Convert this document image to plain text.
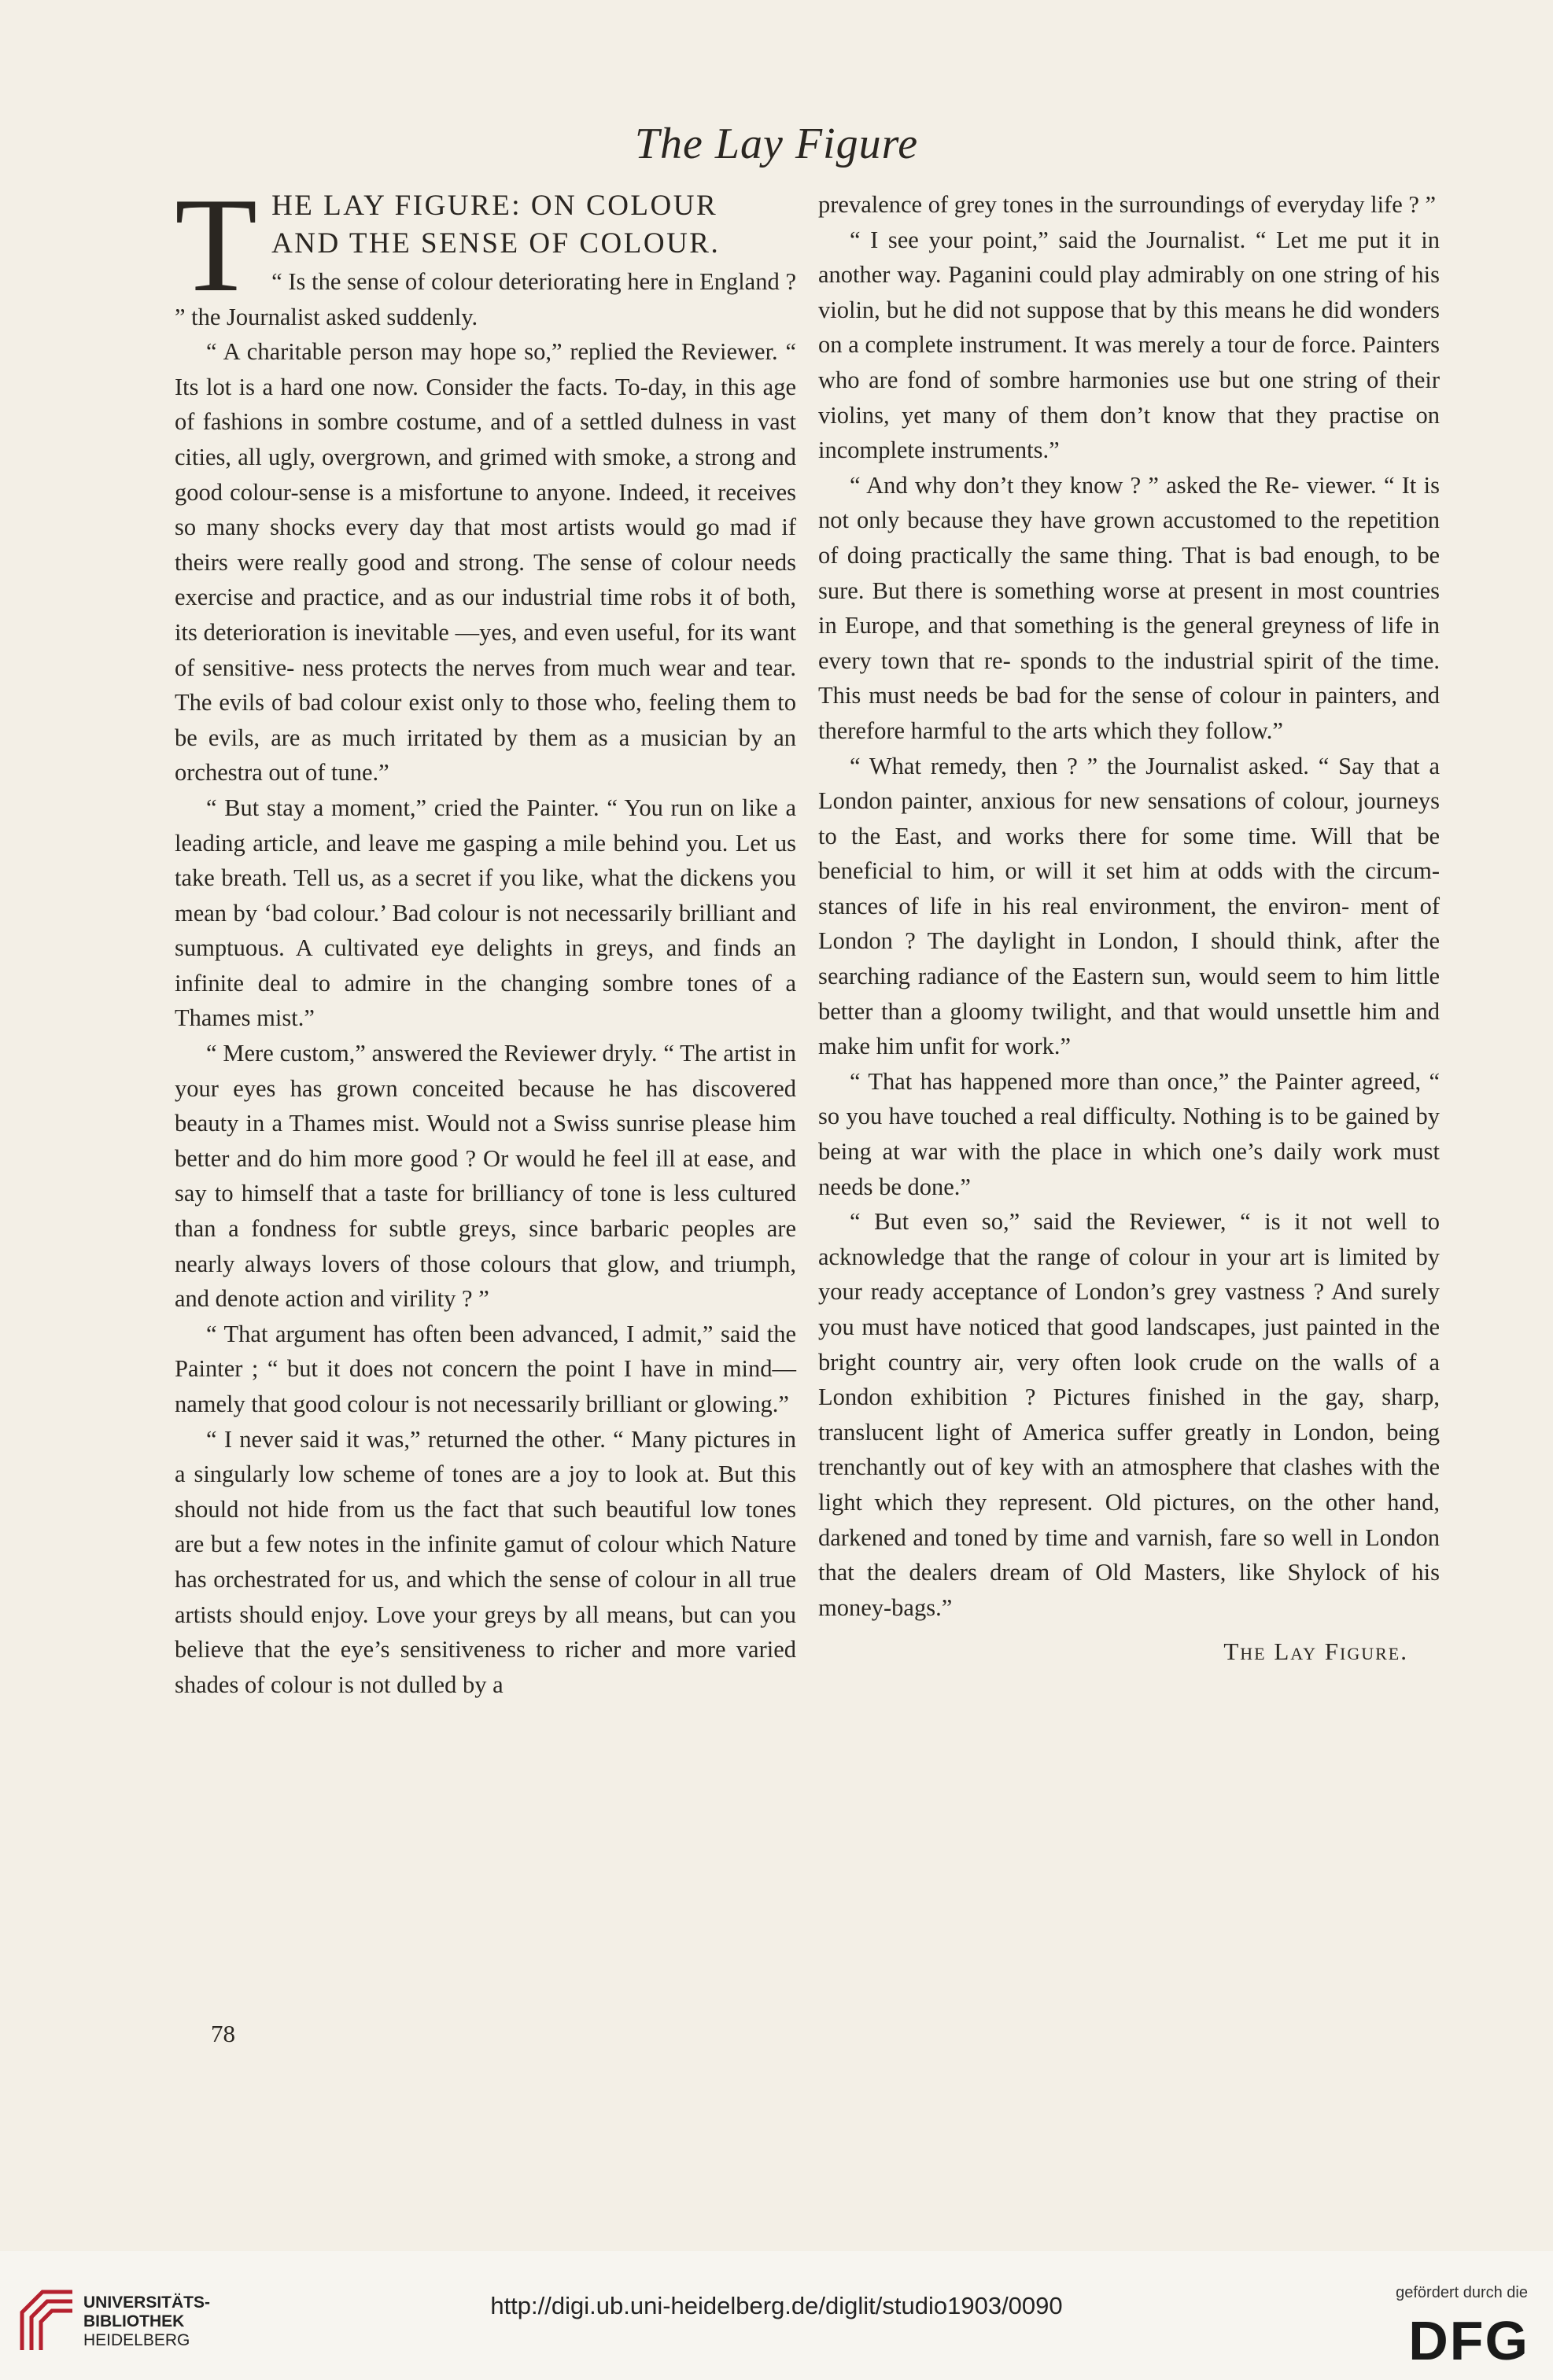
The Lay Figure
T HE LAY FIGURE: ON COLOUR
AND THE SENSE OF COLOUR.

“ Is the sense of colour deteriorating here in England ? ” the Journalist asked suddenly.

“ A charitable person may hope so,” replied the Reviewer. “ Its lot is a hard one now. Consider the facts. To-day, in this age of fashions in sombre costume, and of a settled dulness in vast cities, all ugly, overgrown, and grimed with smoke, a strong and good colour-sense is a misfortune to anyone. Indeed, it receives so many shocks every day that most artists would go mad if theirs were really good and strong. The sense of colour needs exercise and practice, and as our industrial time robs it of both, its deterioration is inevitable —yes, and even useful, for its want of sensitive- ness protects the nerves from much wear and tear. The evils of bad colour exist only to those who, feeling them to be evils, are as much irritated by them as a musician by an orchestra out of tune.”

“ But stay a moment,” cried the Painter. “ You run on like a leading article, and leave me gasping a mile behind you. Let us take breath. Tell us, as a secret if you like, what the dickens you mean by ‘bad colour.’ Bad colour is not necessarily brilliant and sumptuous. A cultivated eye delights in greys, and finds an infinite deal to admire in the changing sombre tones of a Thames mist.”

“ Mere custom,” answered the Reviewer dryly. “ The artist in your eyes has grown conceited because he has discovered beauty in a Thames mist. Would not a Swiss sunrise please him better and do him more good ? Or would he feel ill at ease, and say to himself that a taste for brilliancy of tone is less cultured than a fondness for subtle greys, since barbaric peoples are nearly always lovers of those colours that glow, and triumph, and denote action and virility ? ”

“ That argument has often been advanced, I admit,” said the Painter ; “ but it does not concern the point I have in mind—namely that good colour is not necessarily brilliant or glowing.”

“ I never said it was,” returned the other. “ Many pictures in a singularly low scheme of tones are a joy to look at. But this should not hide from us the fact that such beautiful low tones are but a few notes in the infinite gamut of colour which Nature has orchestrated for us, and which the sense of colour in all true artists should enjoy. Love your greys by all means, but can you believe that the eye’s sensitiveness to richer and more varied shades of colour is not dulled by a

prevalence of grey tones in the surroundings of everyday life ? ”

“ I see your point,” said the Journalist. “ Let me put it in another way. Paganini could play admirably on one string of his violin, but he did not suppose that by this means he did wonders on a complete instrument. It was merely a tour de force. Painters who are fond of sombre harmonies use but one string of their violins, yet many of them don’t know that they practise on incomplete instruments.”

“ And why don’t they know ? ” asked the Re- viewer. “ It is not only because they have grown accustomed to the repetition of doing practically the same thing. That is bad enough, to be sure. But there is something worse at present in most countries in Europe, and that something is the general greyness of life in every town that re- sponds to the industrial spirit of the time. This must needs be bad for the sense of colour in painters, and therefore harmful to the arts which they follow.”

“ What remedy, then ? ” the Journalist asked. “ Say that a London painter, anxious for new sensations of colour, journeys to the East, and works there for some time. Will that be beneficial to him, or will it set him at odds with the circum- stances of life in his real environment, the environ- ment of London ? The daylight in London, I should think, after the searching radiance of the Eastern sun, would seem to him little better than a gloomy twilight, and that would unsettle him and make him unfit for work.”

“ That has happened more than once,” the Painter agreed, “ so you have touched a real difficulty. Nothing is to be gained by being at war with the place in which one’s daily work must needs be done.”

“ But even so,” said the Reviewer, “ is it not well to acknowledge that the range of colour in your art is limited by your ready acceptance of London’s grey vastness ? And surely you must have noticed that good landscapes, just painted in the bright country air, very often look crude on the walls of a London exhibition ? Pictures finished in the gay, sharp, translucent light of America suffer greatly in London, being trenchantly out of key with an atmosphere that clashes with the light which they represent. Old pictures, on the other hand, darkened and toned by time and varnish, fare so well in London that the dealers dream of Old Masters, like Shylock of his money-bags.”

The Lay Figure.
78
UNIVERSITÄTS-
BIBLIOTHEK
HEIDELBERG
http://digi.ub.uni-heidelberg.de/diglit/studio1903/0090	gefördert durch die
DFG
